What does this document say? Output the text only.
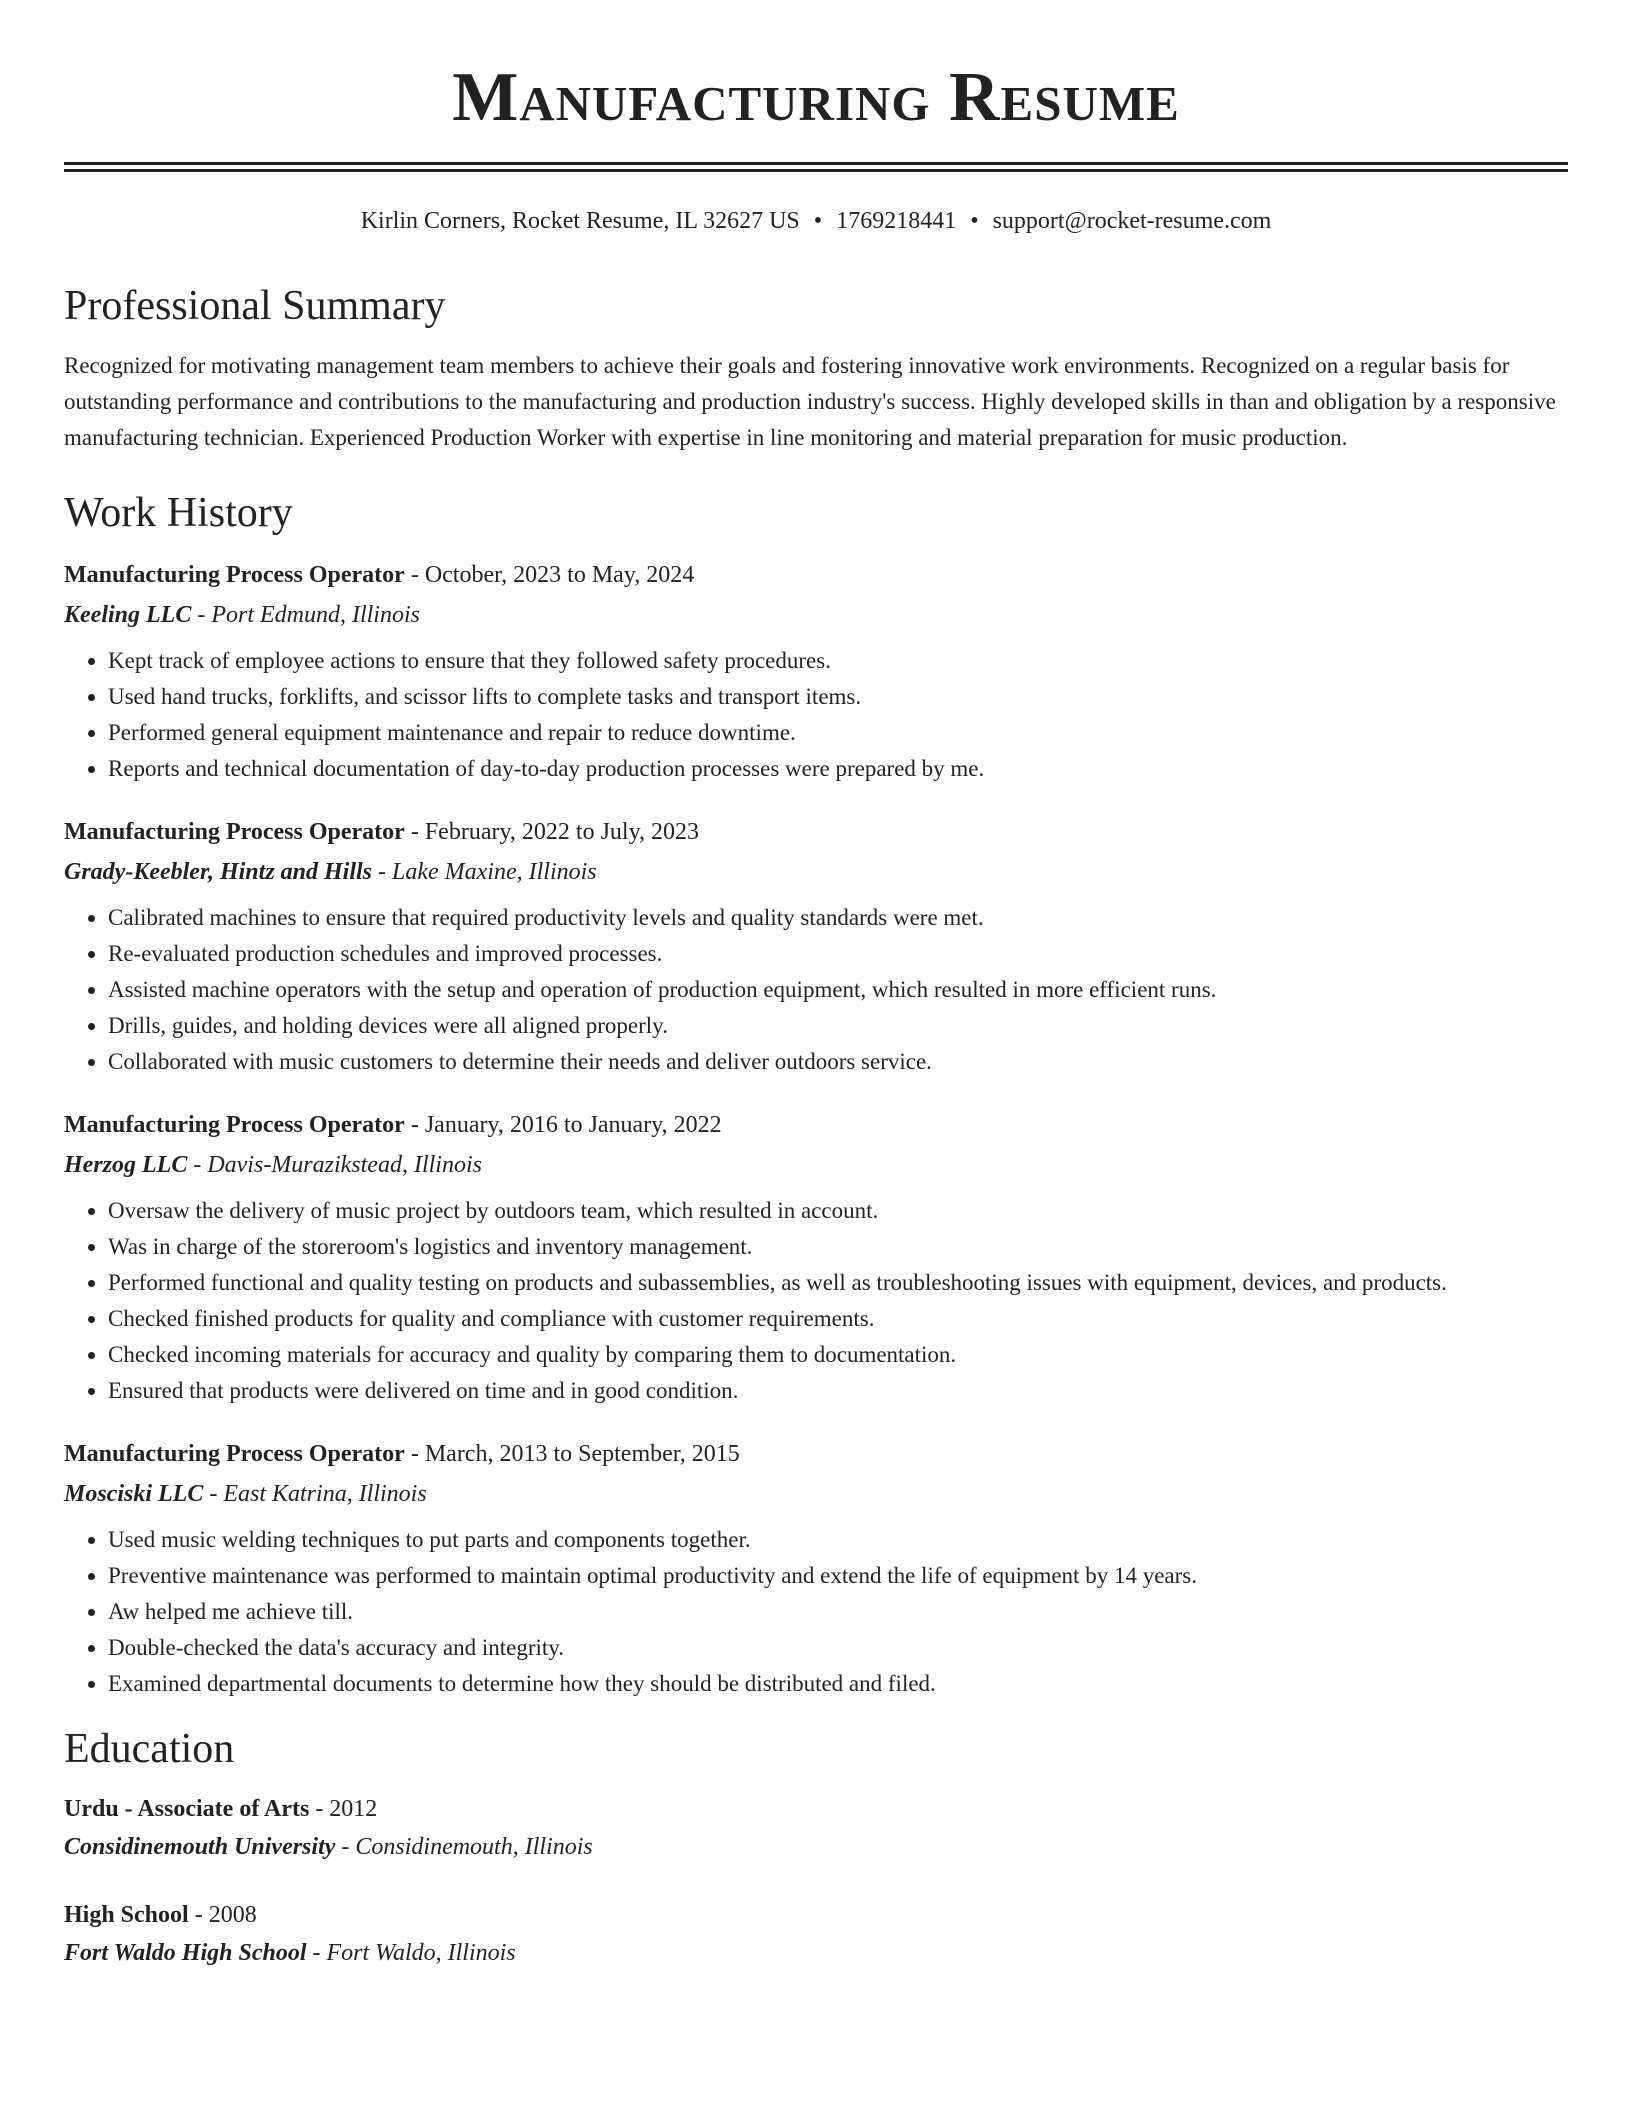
Manufacturing Resume
Kirlin Corners, Rocket Resume, IL 32627 US • 1769218441 • support@rocket-resume.com
Professional Summary

Recognized for motivating management team members to achieve their goals and fostering innovative work environments. Recognized on a regular basis for outstanding performance and contributions to the manufacturing and production industry's success. Highly developed skills in than and obligation by a responsive manufacturing technician. Experienced Production Worker with expertise in line monitoring and material preparation for music production.

Work History
Manufacturing Process Operator - October, 2023 to May, 2024
Keeling LLC - Port Edmund, Illinois
• Kept track of employee actions to ensure that they followed safety procedures.
• Used hand trucks, forklifts, and scissor lifts to complete tasks and transport items.
• Performed general equipment maintenance and repair to reduce downtime.
• Reports and technical documentation of day-to-day production processes were prepared by me.
Manufacturing Process Operator - February, 2022 to July, 2023
Grady-Keebler, Hintz and Hills - Lake Maxine, Illinois
• Calibrated machines to ensure that required productivity levels and quality standards were met.
• Re-evaluated production schedules and improved processes.
• Assisted machine operators with the setup and operation of production equipment, which resulted in more efficient runs.
• Drills, guides, and holding devices were all aligned properly.
• Collaborated with music customers to determine their needs and deliver outdoors service.
Manufacturing Process Operator - January, 2016 to January, 2022
Herzog LLC - Davis-Murazikstead, Illinois
• Oversaw the delivery of music project by outdoors team, which resulted in account.
• Was in charge of the storeroom's logistics and inventory management.
• Performed functional and quality testing on products and subassemblies, as well as troubleshooting issues with equipment, devices, and products.
• Checked finished products for quality and compliance with customer requirements.
• Checked incoming materials for accuracy and quality by comparing them to documentation.
• Ensured that products were delivered on time and in good condition.
Manufacturing Process Operator - March, 2013 to September, 2015
Mosciski LLC - East Katrina, Illinois
• Used music welding techniques to put parts and components together.
• Preventive maintenance was performed to maintain optimal productivity and extend the life of equipment by 14 years.
• Aw helped me achieve till.
• Double-checked the data's accuracy and integrity.
• Examined departmental documents to determine how they should be distributed and filed.
Education
Urdu - Associate of Arts - 2012
Considinemouth University - Considinemouth, Illinois
High School - 2008
Fort Waldo High School - Fort Waldo, Illinois
